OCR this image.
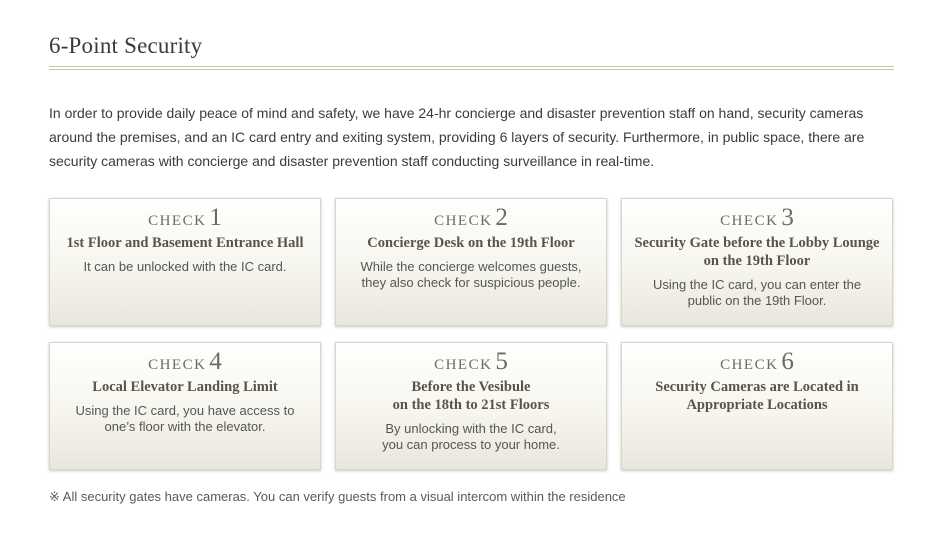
6-Point Security

In order to provide daily peace of mind and safety, we have 24-hr concierge and disaster prevention staff on hand, security cameras around the premises, and an IC card entry and exiting system, providing 6 layers of security. Furthermore, in public space, there are security cameras with concierge and disaster prevention staff conducting surveillance in real-time.

CHECK 1
1st Floor and Basement Entrance Hall
It can be unlocked with the IC card.
CHECK 2
Concierge Desk on the 19th Floor
While the concierge welcomes guests,
they also check for suspicious people.
CHECK 3
Security Gate before the Lobby Lounge
on the 19th Floor
Using the IC card, you can enter the
public on the 19th Floor.
CHECK 4
Local Elevator Landing Limit
Using the IC card, you have access to
one’s floor with the elevator.
CHECK 5
Before the Vesibule
on the 18th to 21st Floors
By unlocking with the IC card,
you can process to your home.
CHECK 6
Security Cameras are Located in
Appropriate Locations

※ All security gates have cameras. You can verify guests from a visual intercom within the residence
